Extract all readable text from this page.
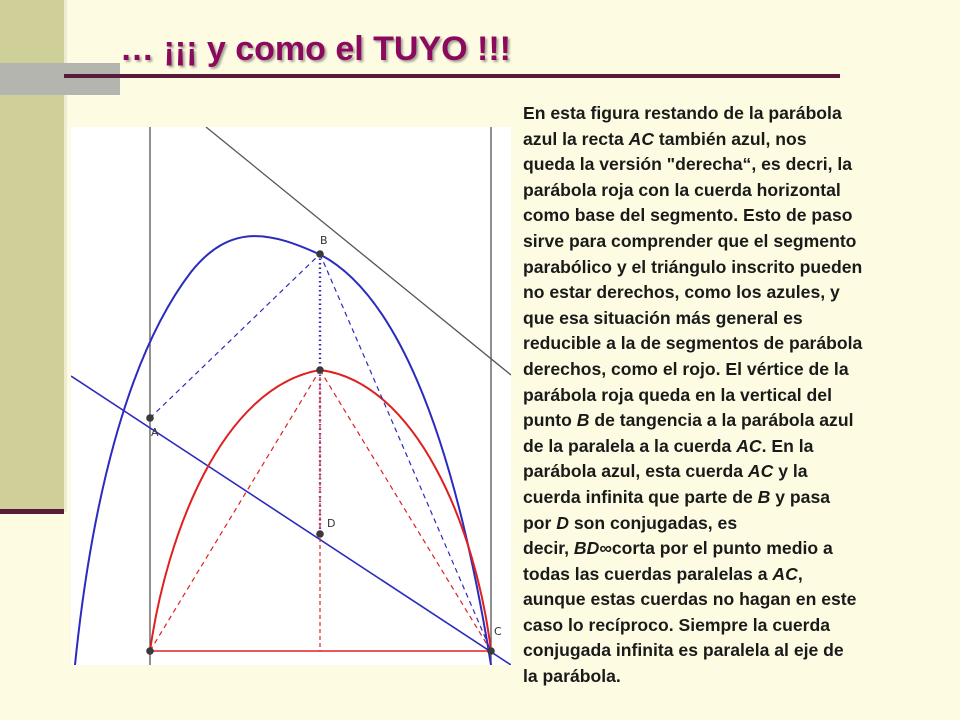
… ¡¡¡ y como el TUYO !!!
B
A
D
C
En esta figura restando de la parábola
azul la recta AC también azul, nos
queda la versión "derecha“, es decri, la
parábola roja con la cuerda horizontal
como base del segmento. Esto de paso
sirve para comprender que el segmento
parabólico y el triángulo inscrito pueden
no estar derechos, como los azules, y
que esa situación más general es
reducible a la de segmentos de parábola
derechos, como el rojo. El vértice de la
parábola roja queda en la vertical del
punto B de tangencia a la parábola azul
de la paralela a la cuerda AC. En la
parábola azul, esta cuerda AC y la
cuerda infinita que parte de B y pasa
por D son conjugadas, es
decir, BD∞corta por el punto medio a
todas las cuerdas paralelas a AC,
aunque estas cuerdas no hagan en este
caso lo recíproco. Siempre la cuerda
conjugada infinita es paralela al eje de
la parábola.
